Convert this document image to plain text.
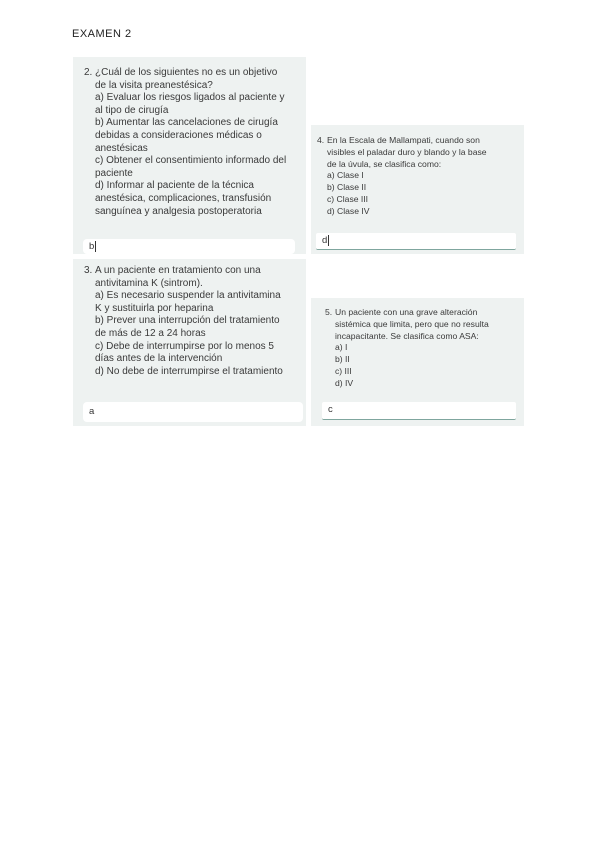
EXAMEN 2
2. ¿Cuál de los siguientes no es un objetivo
de la visita preanestésica?
a) Evaluar los riesgos ligados al paciente y
al tipo de cirugía
b) Aumentar las cancelaciones de cirugía
debidas a consideraciones médicas o
anestésicas
c) Obtener el consentimiento informado del
paciente
d) Informar al paciente de la técnica
anestésica, complicaciones, transfusión
sanguínea y analgesia postoperatoria
b
4. En la Escala de Mallampati, cuando son
visibles el paladar duro y blando y la base
de la úvula, se clasifica como:
a) Clase I
b) Clase II
c) Clase III
d) Clase IV
d
3. A un paciente en tratamiento con una
antivitamina K (sintrom).
a) Es necesario suspender la antivitamina
K y sustituirla por heparina
b) Prever una interrupción del tratamiento
de más de 12 a 24 horas
c) Debe de interrumpirse por lo menos 5
días antes de la intervención
d) No debe de interrumpirse el tratamiento
a
5. Un paciente con una grave alteración
sistémica que limita, pero que no resulta
incapacitante. Se clasifica como ASA:
a) I
b) II
c) III
d) IV
c
